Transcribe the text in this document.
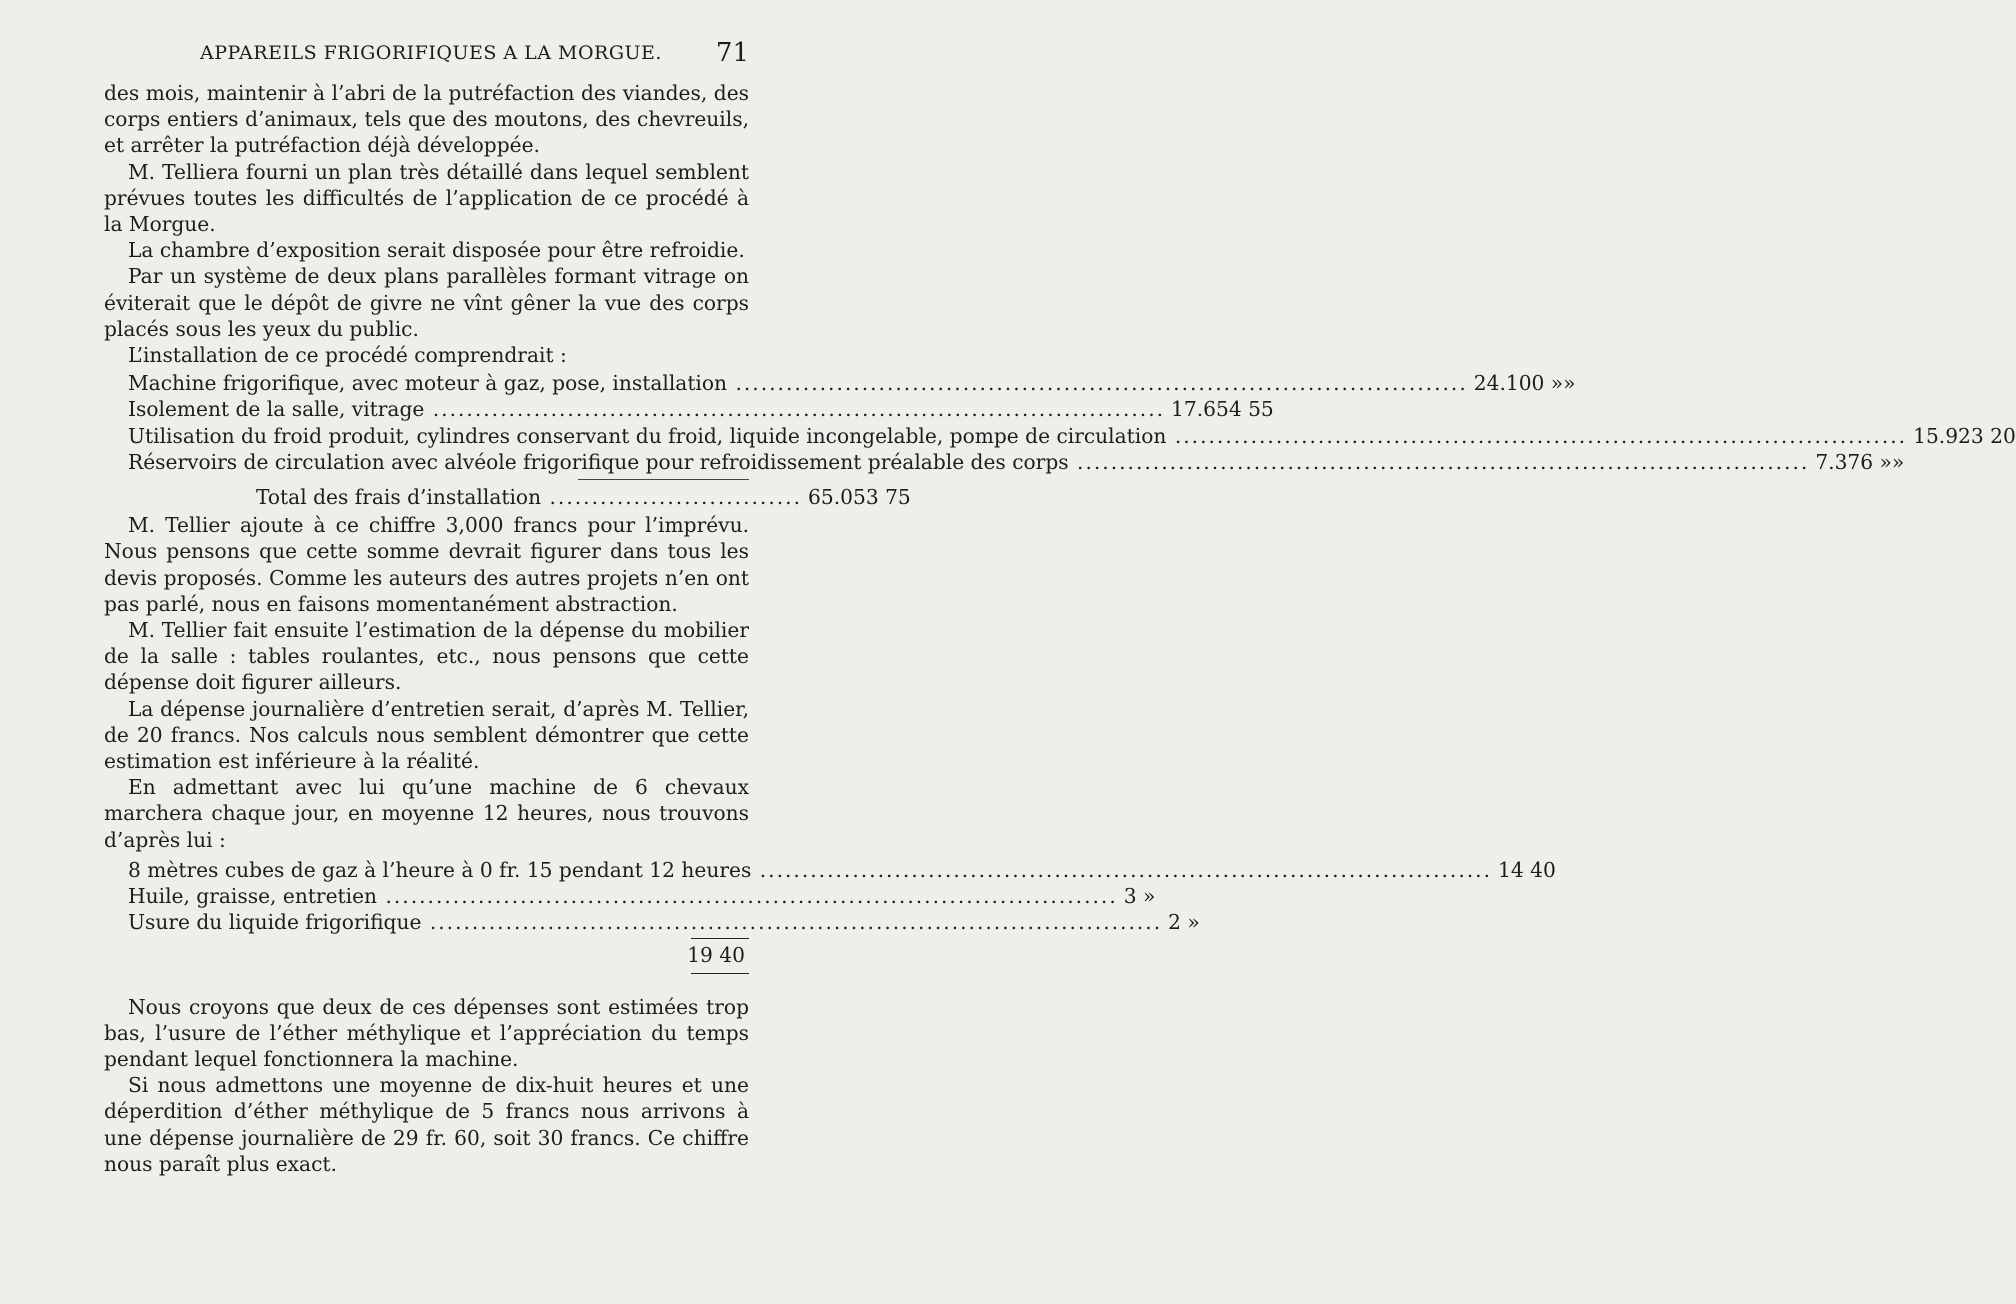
APPAREILS FRIGORIFIQUES A LA MORGUE. 71

des mois, maintenir à l’abri de la putréfaction des viandes, des corps entiers d’animaux, tels que des moutons, des chevreuils, et arrêter la putréfaction déjà développée.

M. Telliera fourni un plan très détaillé dans lequel semblent prévues toutes les difficultés de l’application de ce procédé à la Morgue.

La chambre d’exposition serait disposée pour être refroidie.

Par un système de deux plans parallèles formant vitrage on éviterait que le dépôt de givre ne vînt gêner la vue des corps placés sous les yeux du public.

L’installation de ce procédé comprendrait :

Machine frigorifique, avec moteur à gaz, pose, installation .....	24.100 »»
Isolement de la salle, vitrage .....	17.654 55
Utilisation du froid produit, cylindres conservant du froid, liquide incongelable, pompe de circulation .....	15.923 20
Réservoirs de circulation avec alvéole frigorifique pour refroidissement préalable des corps .....	7.376 »»
Total des frais d’installation .....	65.053 75

M. Tellier ajoute à ce chiffre 3,000 francs pour l’imprévu. Nous pensons que cette somme devrait figurer dans tous les devis proposés. Comme les auteurs des autres projets n’en ont pas parlé, nous en faisons momentanément abstraction.

M. Tellier fait ensuite l’estimation de la dépense du mobilier de la salle : tables roulantes, etc., nous pensons que cette dépense doit figurer ailleurs.

La dépense journalière d’entretien serait, d’après M. Tellier, de 20 francs. Nos calculs nous semblent démontrer que cette estimation est inférieure à la réalité.

En admettant avec lui qu’une machine de 6 chevaux marchera chaque jour, en moyenne 12 heures, nous trouvons d’après lui :

8 mètres cubes de gaz à l’heure à 0 fr. 15 pendant 12 heures .....	14 40
Huile, graisse, entretien .....	3 »
Usure du liquide frigorifique .....	2 »
19 40

Nous croyons que deux de ces dépenses sont estimées trop bas, l’usure de l’éther méthylique et l’appréciation du temps pendant lequel fonctionnera la machine.

Si nous admettons une moyenne de dix-huit heures et une déperdition d’éther méthylique de 5 francs nous arrivons à une dépense journalière de 29 fr. 60, soit 30 francs. Ce chiffre nous paraît plus exact.
